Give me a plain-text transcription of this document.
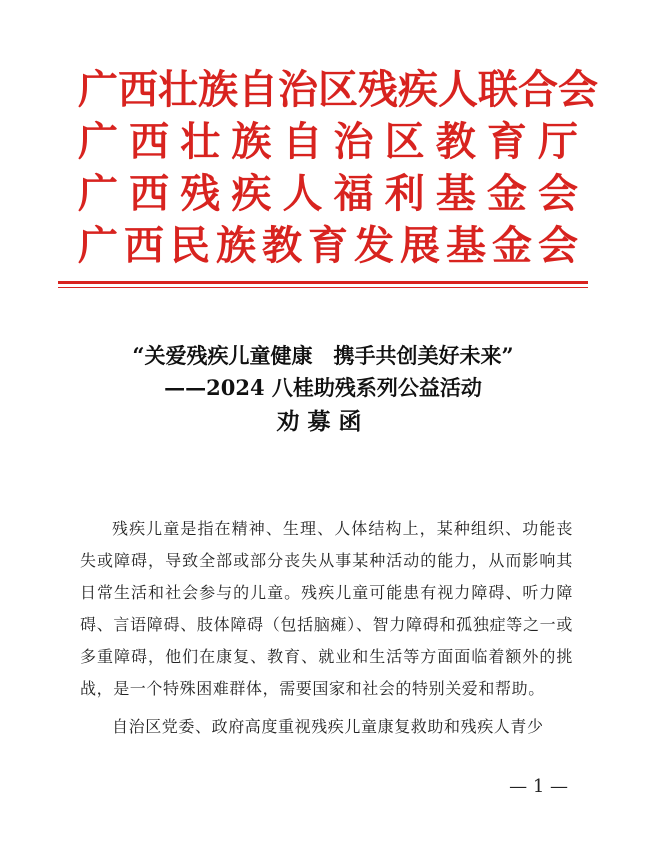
广 西 壮 族 自 治 区 残 疾 人 联 合 会
广 西 壮 族 自 治 区 教 育 厅
广 西 残 疾 人 福 利 基 金 会
广 西 民 族 教 育 发 展 基 金 会
“关爱残疾儿童健康　携手共创美好未来”
——2024 八桂助残系列公益活动
劝募函

残疾儿童是指在精神、生理、人体结构上，某种组织、功能丧失或障碍，导致全部或部分丧失从事某种活动的能力，从而影响其日常生活和社会参与的儿童。残疾儿童可能患有视力障碍、听力障碍、言语障碍、肢体障碍（包括脑瘫）、智力障碍和孤独症等之一或多重障碍，他们在康复、教育、就业和生活等方面面临着额外的挑战，是一个特殊困难群体，需要国家和社会的特别关爱和帮助。

自治区党委、政府高度重视残疾儿童康复救助和残疾人青少

— 1 —
